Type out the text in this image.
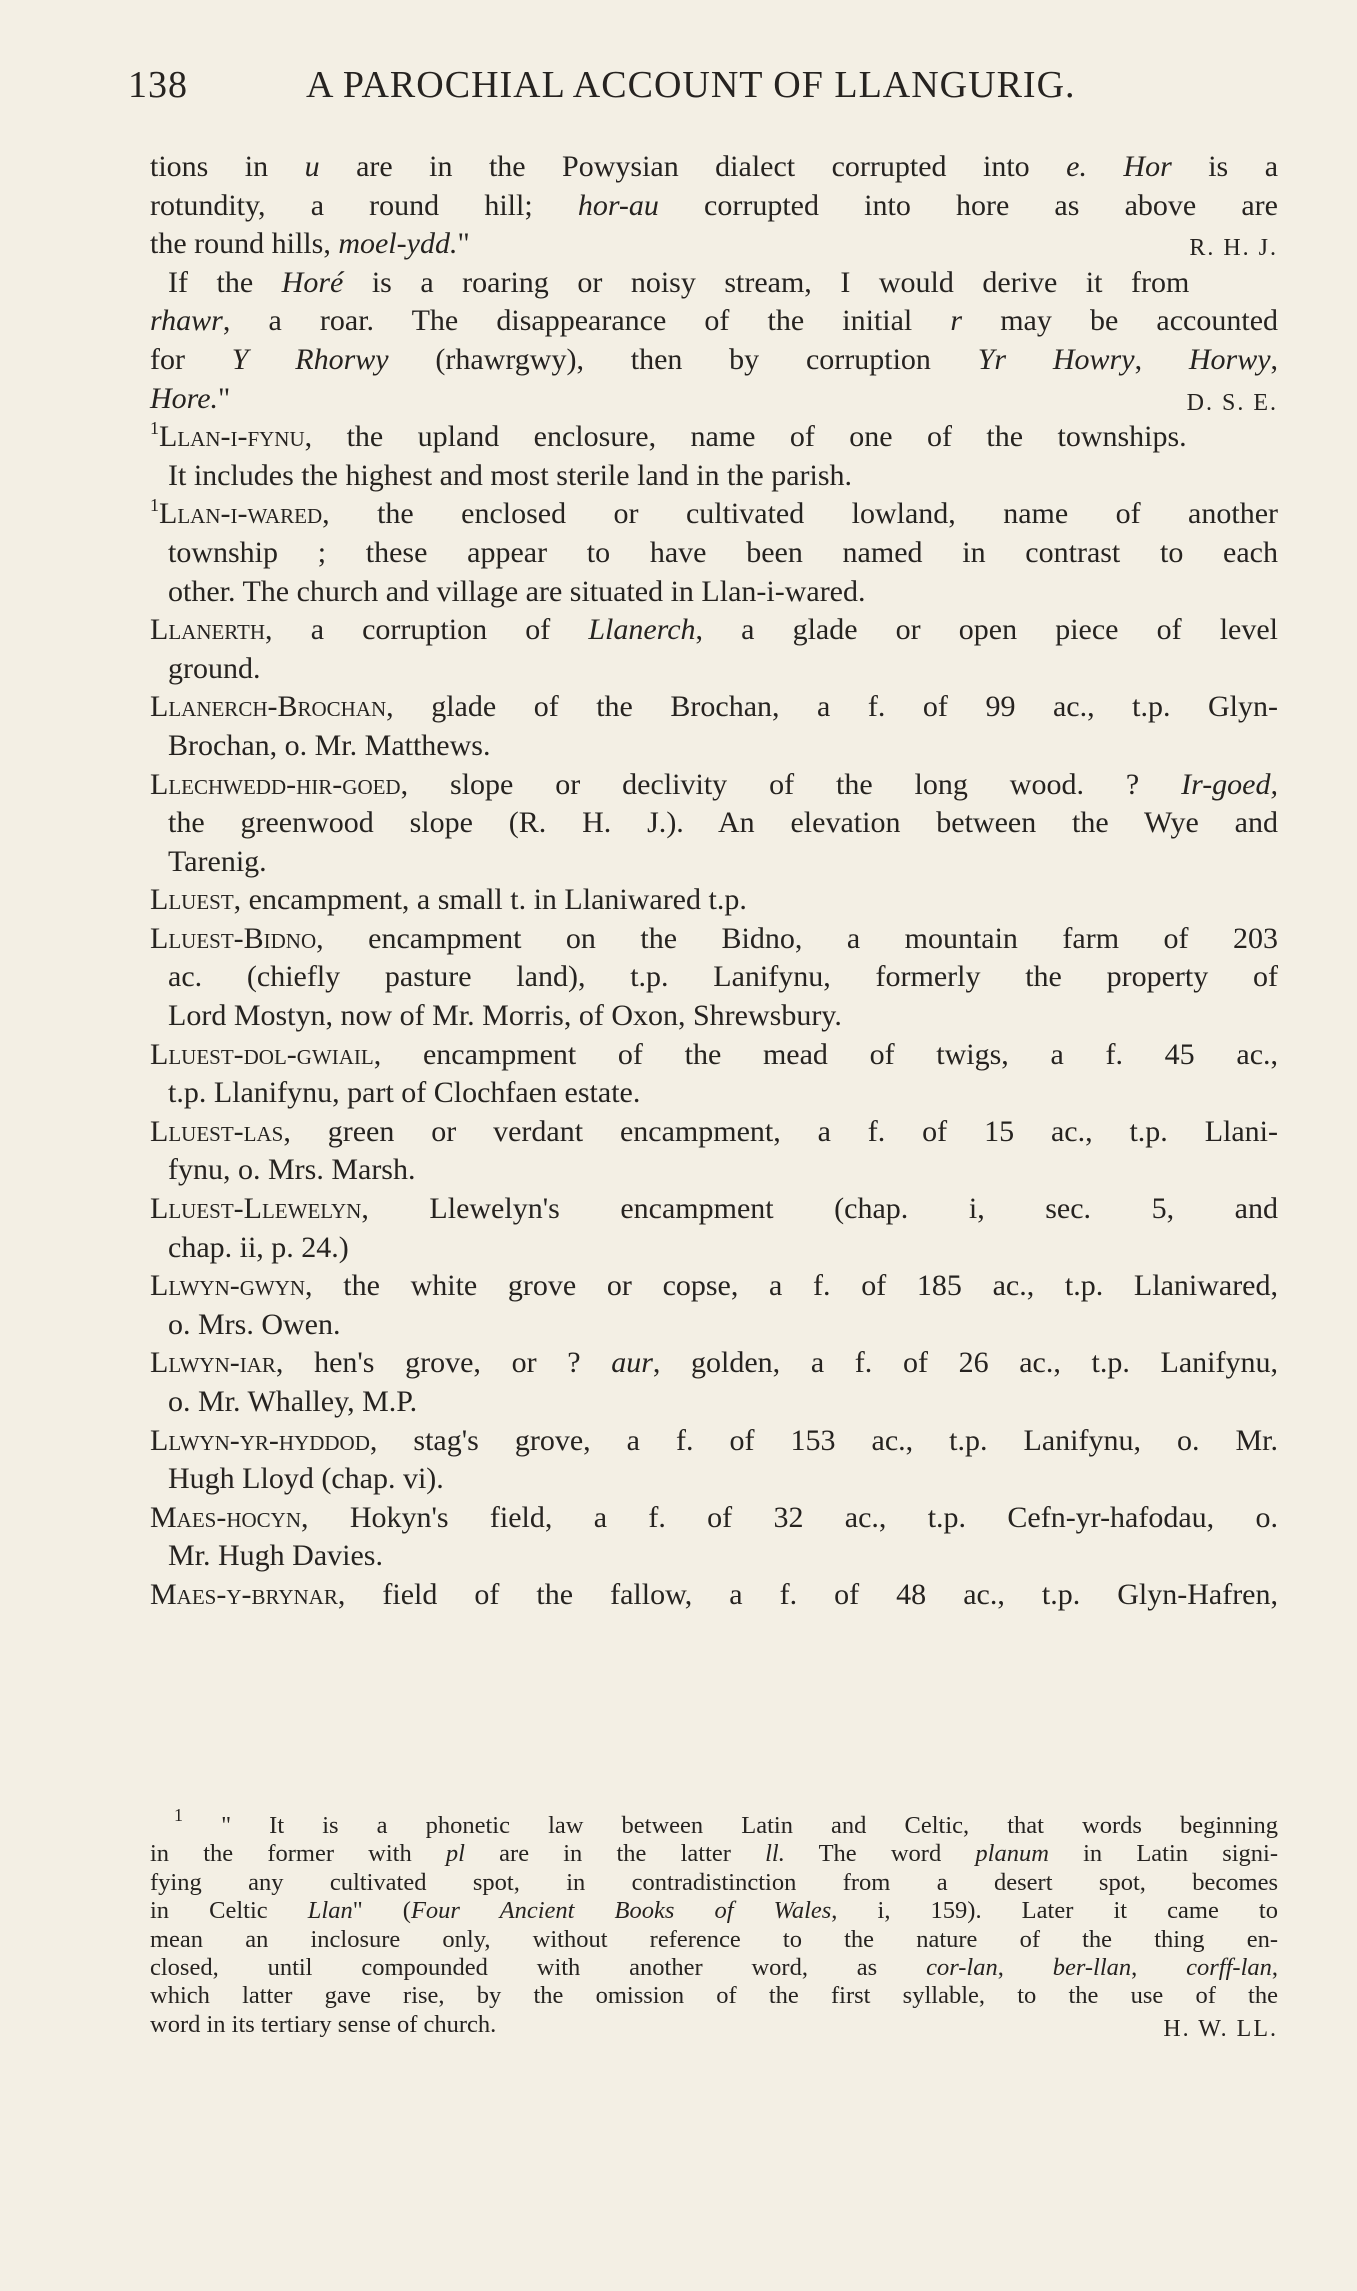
138	A PAROCHIAL ACCOUNT OF LLANGURIG.

tions in u are in the Powysian dialect corrupted into e. Hor is a
rotundity, a round hill; hor-au corrupted into hore as above are
the round hills, moel-ydd."	R. H. J.

If the Horé is a roaring or noisy stream, I would derive it from
rhawr, a roar. The disappearance of the initial r may be accounted
for Y Rhorwy (rhawrgwy), then by corruption Yr Howry, Horwy,
Hore."	D. S. E.

$^1$Llan-i-fynu, the upland enclosure, name of one of the townships.
It includes the highest and most sterile land in the parish.

$^1$Llan-i-wared, the enclosed or cultivated lowland, name of another
township ; these appear to have been named in contrast to each
other. The church and village are situated in Llan-i-wared.

Llanerth, a corruption of Llanerch, a glade or open piece of level
ground.

Llanerch-Brochan, glade of the Brochan, a f. of 99 ac., t.p. Glyn-
Brochan, o. Mr. Matthews.

Llechwedd-hir-goed, slope or declivity of the long wood. ? Ir-goed,
the greenwood slope (R. H. J.). An elevation between the Wye and
Tarenig.

Lluest, encampment, a small t. in Llaniwared t.p.

Lluest-Bidno, encampment on the Bidno, a mountain farm of 203
ac. (chiefly pasture land), t.p. Lanifynu, formerly the property of
Lord Mostyn, now of Mr. Morris, of Oxon, Shrewsbury.

Lluest-dol-gwiail, encampment of the mead of twigs, a f. 45 ac.,
t.p. Llanifynu, part of Clochfaen estate.

Lluest-las, green or verdant encampment, a f. of 15 ac., t.p. Llani-
fynu, o. Mrs. Marsh.

Lluest-Llewelyn, Llewelyn's encampment (chap. i, sec. 5, and
chap. ii, p. 24.)

Llwyn-gwyn, the white grove or copse, a f. of 185 ac., t.p. Llaniwared,
o. Mrs. Owen.

Llwyn-iar, hen's grove, or ? aur, golden, a f. of 26 ac., t.p. Lanifynu,
o. Mr. Whalley, M.P.

Llwyn-yr-hyddod, stag's grove, a f. of 153 ac., t.p. Lanifynu, o. Mr.
Hugh Lloyd (chap. vi).

Maes-hocyn, Hokyn's field, a f. of 32 ac., t.p. Cefn-yr-hafodau, o.
Mr. Hugh Davies.

Maes-y-brynar, field of the fallow, a f. of 48 ac., t.p. Glyn-Hafren,

$^1$ " It is a phonetic law between Latin and Celtic, that words beginning
in the former with pl are in the latter ll. The word planum in Latin signi-
fying any cultivated spot, in contradistinction from a desert spot, becomes
in Celtic Llan" (Four Ancient Books of Wales, i, 159). Later it came to
mean an inclosure only, without reference to the nature of the thing en-
closed, until compounded with another word, as cor-lan, ber-llan, corff-lan,
which latter gave rise, by the omission of the first syllable, to the use of the
word in its tertiary sense of church.	H. W. LL.
